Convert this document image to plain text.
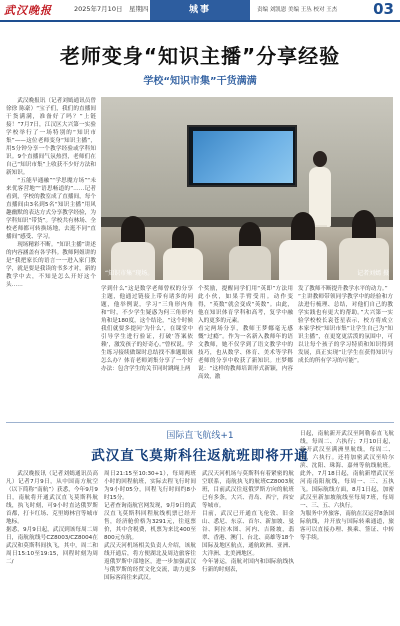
武汉晚报	2025年7月10日　星期四	城事	责编 刘凯恩 美编 王丛 校对 王杰 03
老师变身“知识主播”分享经验
学校“知识市集”干货满满

武汉晚报讯（记者刘嫣通讯员曾徐徐 陈豪）“宝子们，我们的直播间干货满满，准备好了吗？”上链接！”7月7日，江汉区大兴第一实验学校举行了一场特别的“知识市集”——这位老师变身“知识主播”，用5分钟分享一个教学经验或学科知识。9个直播间气氛热烈，老师们在自己“知识市集”上收获不少好方法和新知识。

“五能早通融”“学思魔方场”“未来优客营地”“语思畅道的”……记者看到，学校的教室成了直播间，每个直播间由3名到5名“知识主播”用风趣幽默的表达方式分享教学经验，为学科知识“带货”。学校共有林场、全校老师都可转换场地，去逛不同“直播间”感受、学习。

现场精彩不断。“知识主播”讲述的内容涵盖有各学科。教师阿姐讲的是“我把家长的语言一一进入家门教学，就是要是我读的书多才对，新的教学中去，不知是怎么开好这个头……

“知识市集”现场。	记者刘嫣 摄

学到什么”这是数学老师曾权的分享主题，他通过链接上带有诸多的问题，他举例说，学习“三角形内角和”时，不少学生疑惑为何三角形内角和是180度，这个结论，“这个时候我们就要多提问‘为什么’，在课堂中引导学生进行验证，打破‘答案依赖’，激发孩子的好奇心。”曾权说。学生练习接续做课时总结找不准题眼该怎么办？体育老师刘集分享了一个好办法：包含学生的关节同时跳绳上两

个奖励，提醒同学们用“英即”方法用此小伙，如果手臂受用。动作变得，“英数”就会变成“英数”。由此，他在知识体育学科和高考，复学中融入的更多的元素。
看完两场分享，教师王梦娜毫无感慨“过瘾”。作为一名新入教师年的语文教师，她不仅学到了语文教学中的技巧，也从数学、体育、美术等学科老师的分享中收获了新知识。庄梦娜说：“这样的教师培训形式新颖，内容高效，激

发了教师不断提升教学水平的动力。”
“主讲教师带领同学教学中的经验和方法进行梳理、总结，对他们自己的教学实践也有更大的帮助。”大兴第一实验学校校长袁苍星表示，校方将成立本家学校“知识市集”让学生自己为“知识主播”，在更宽更活泼的氛围中，可以让每个孩子的学习特质和知识得到发展，真正实现“让学生在获得知识与成长的所有学习的可能”。

国际直飞航线+1
武汉直飞莫斯科往返航班即将开通

武汉晚报讯（记者刘嫣通讯员高凡）记者7月9日，从中国南方航空（以下简称“南航”）获悉，今年9月9日，南航将开通武汉直飞莫斯科航线，执飞时刻，可9小时直达俄罗斯首都，打卡红场、克里姆林宫等城市地标。
据悉，9月9日起，武汉到该每周二周日，南航航线号CZ8003/CZ8004在武汉和莫斯科间执飞，其中，周二和周日15:10至19:15，回程时刻为周二/

周日21:15至10:30+1），每周两班小时的回程航班，实际去程飞行时间为9小时05分，回程飞行时间约8小时15分。
记者查询南航官网发现，9月9日的武汉直飞莫斯科回程航线机票已经开售，经济舱价格为3291元，往返票价，其中含税费，机票为来比400至800元东航。
武汉天河机场相关负责人介绍，该航线开通后，将方便湖北及周边旅客往返俄罗斯中部地区，进一步加强武汉与俄罗斯的经贸文化交流，助力更多国际客商往来武汉。

武汉天河机场与莫斯科有着紧密的航空联系，南航执飞的航班CZ8003航班，目前武汉往返俄罗斯方向的航班已有多条，大兴、青岛、西宁，西安等城市。
目前，武汉已开通直飞伦敦、旧金山、悉尼、东京、首尔、新加坡、曼谷、阿拉木图、河内、吉隆坡，翡翠、香港、澳门、台北、高雄等18个国际及地区航点，通航欧洲、亚洲、大洋洲、北美洲地区。
今年暑运，南航对国内和国际航线执行新的时刻表，

日起，南航新开武汉至阿勒泰直飞航线，每周二、六执行；7月10日起，新开武汉至满洲里航线，每周二、四、六执行。还将加密武汉至哈尔滨、沈阳、珠海、嘉州等航线航班。此外，7月18日起，南航新增武汉至河南南阳航线，每周一、三、五执飞。国际航线方面，8月1日起，加密武汉至新加坡航线至每周7班，每周一、三、五、六执行。
为服务中外旅客，南航在汉运营8条国际航线，并开放与国际转乘通道，旅客可以直接办理、换乘、签证、中转等手续。
